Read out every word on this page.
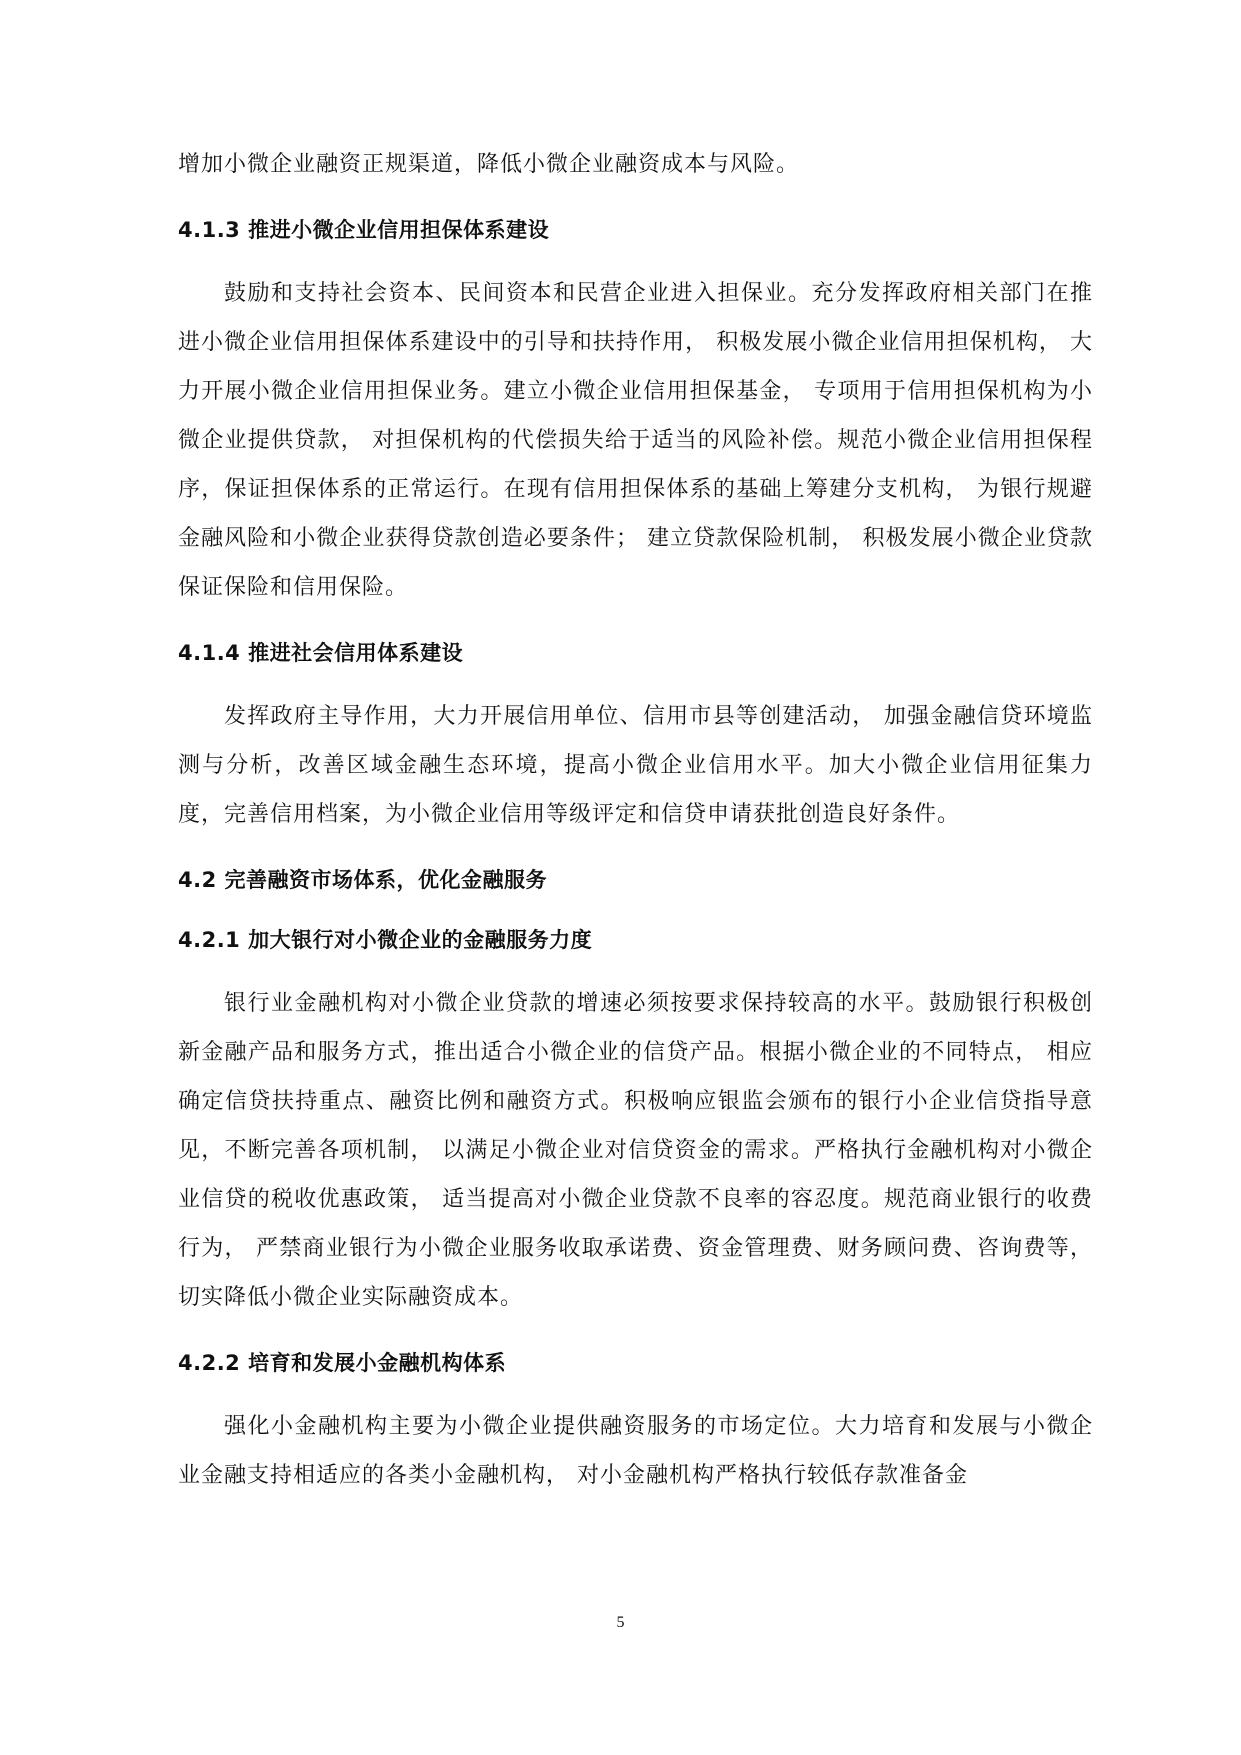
增加小微企业融资正规渠道，降低小微企业融资成本与风险。

4.1.3 推进小微企业信用担保体系建设

鼓励和支持社会资本、民间资本和民营企业进入担保业。充分发挥政府相关部门在推进小微企业信用担保体系建设中的引导和扶持作用， 积极发展小微企业信用担保机构， 大力开展小微企业信用担保业务。建立小微企业信用担保基金， 专项用于信用担保机构为小微企业提供贷款， 对担保机构的代偿损失给于适当的风险补偿。规范小微企业信用担保程序，保证担保体系的正常运行。在现有信用担保体系的基础上筹建分支机构， 为银行规避金融风险和小微企业获得贷款创造必要条件； 建立贷款保险机制， 积极发展小微企业贷款保证保险和信用保险。

4.1.4 推进社会信用体系建设

发挥政府主导作用，大力开展信用单位、信用市县等创建活动， 加强金融信贷环境监测与分析，改善区域金融生态环境，提高小微企业信用水平。加大小微企业信用征集力度，完善信用档案，为小微企业信用等级评定和信贷申请获批创造良好条件。

4.2 完善融资市场体系，优化金融服务
4.2.1 加大银行对小微企业的金融服务力度

银行业金融机构对小微企业贷款的增速必须按要求保持较高的水平。鼓励银行积极创新金融产品和服务方式，推出适合小微企业的信贷产品。根据小微企业的不同特点， 相应确定信贷扶持重点、融资比例和融资方式。积极响应银监会颁布的银行小企业信贷指导意见，不断完善各项机制， 以满足小微企业对信贷资金的需求。严格执行金融机构对小微企业信贷的税收优惠政策， 适当提高对小微企业贷款不良率的容忍度。规范商业银行的收费行为， 严禁商业银行为小微企业服务收取承诺费、资金管理费、财务顾问费、咨询费等，切实降低小微企业实际融资成本。

4.2.2 培育和发展小金融机构体系

强化小金融机构主要为小微企业提供融资服务的市场定位。大力培育和发展与小微企业金融支持相适应的各类小金融机构， 对小金融机构严格执行较低存款准备金

5
